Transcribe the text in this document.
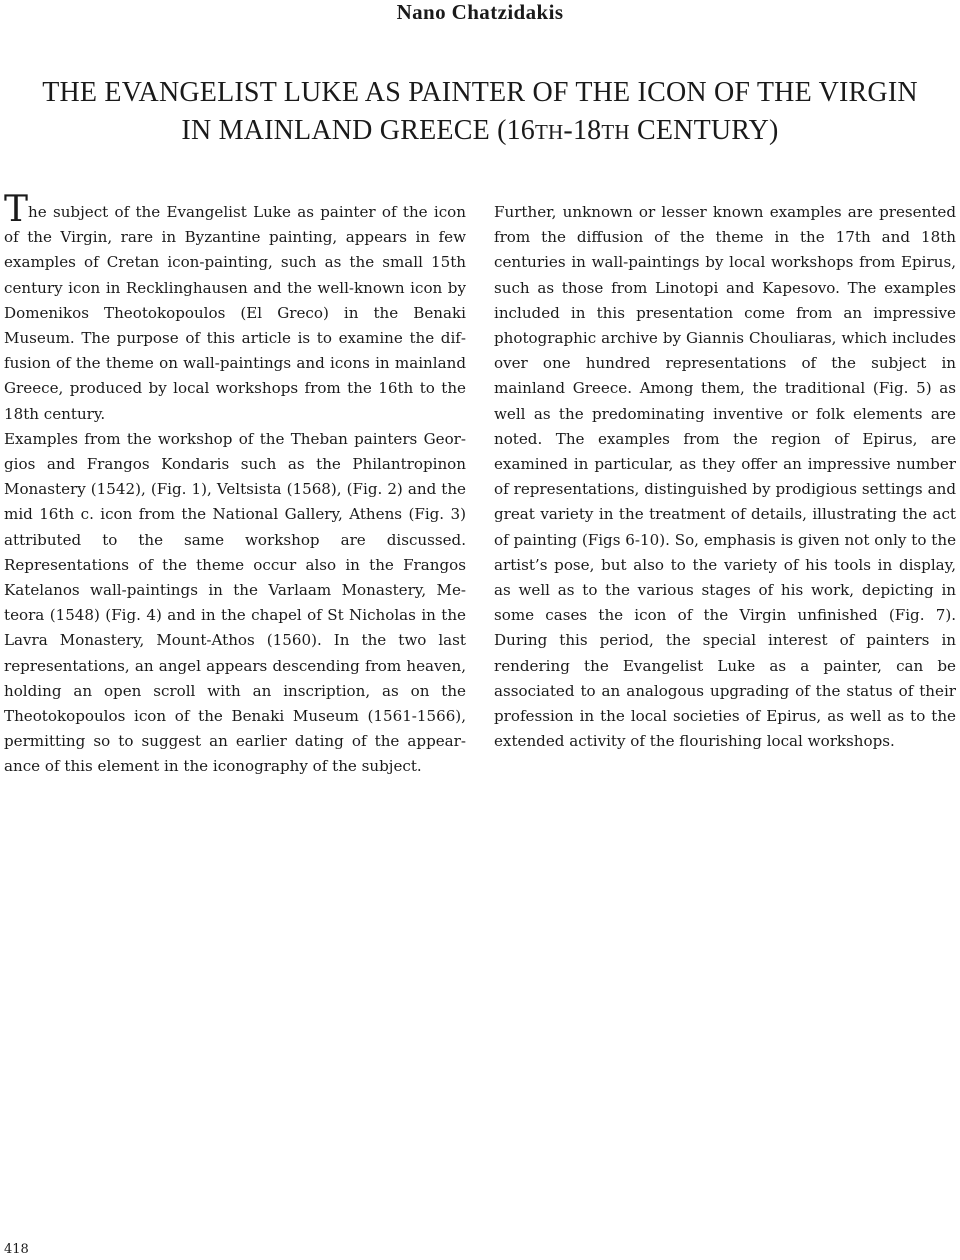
Nano Chatzidakis
THE EVANGELIST LUKE AS PAINTER OF THE ICON OF THE VIRGIN
IN MAINLAND GREECE (16TH-18TH CENTURY)

The subject of the Evangelist Luke as painter of the icon of the Virgin, rare in Byzantine painting, appears in few examples of Cretan icon-painting, such as the small 15th century icon in Recklinghausen and the well-known icon by Domenikos Theotokopoulos (El Greco) in the Benaki Museum. The purpose of this article is to examine the diffusion of the theme on wall-paintings and icons in mainland Greece, produced by local workshops from the 16th to the 18th century.

Examples from the workshop of the Theban painters Georgios and Frangos Kondaris such as the Philantropinon Monastery (1542), (Fig. 1), Veltsista (1568), (Fig. 2) and the mid 16th c. icon from the National Gallery, Athens (Fig. 3) attributed to the same workshop are discussed. Representations of the theme occur also in the Frangos Katelanos wall-paintings in the Varlaam Monastery, Meteora (1548) (Fig. 4) and in the chapel of St Nicholas in the Lavra Monastery, Mount-Athos (1560). In the two last representations, an angel appears descending from heaven, holding an open scroll with an inscription, as on the Theotokopoulos icon of the Benaki Museum (1561-1566), permitting so to suggest an earlier dating of the appearance of this element in the iconography of the subject.

Further, unknown or lesser known examples are presented from the diffusion of the theme in the 17th and 18th centuries in wall-paintings by local workshops from Epirus, such as those from Linotopi and Kapesovo. The examples included in this presentation come from an impressive photographic archive by Giannis Chouliaras, which includes over one hundred representations of the subject in mainland Greece. Among them, the traditional (Fig. 5) as well as the predominating inventive or folk elements are noted. The examples from the region of Epirus, are examined in particular, as they offer an impressive number of representations, distinguished by prodigious settings and great variety in the treatment of details, illustrating the act of painting (Figs 6-10). So, emphasis is given not only to the artist’s pose, but also to the variety of his tools in display, as well as to the various stages of his work, depicting in some cases the icon of the Virgin unfinished (Fig. 7). During this period, the special interest of painters in rendering the Evangelist Luke as a painter, can be associated to an analogous upgrading of the status of their profession in the local societies of Epirus, as well as to the extended activity of the flourishing local workshops.

418
